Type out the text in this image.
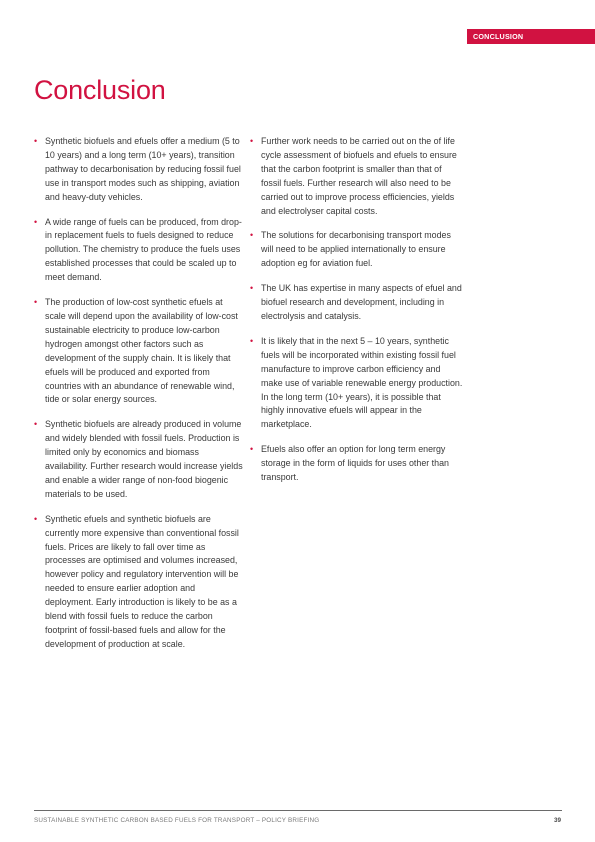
CONCLUSION
Conclusion
• Synthetic biofuels and efuels offer a medium (5 to 10 years) and a long term (10+ years), transition pathway to decarbonisation by reducing fossil fuel use in transport modes such as shipping, aviation and heavy-duty vehicles.
• A wide range of fuels can be produced, from drop-in replacement fuels to fuels designed to reduce pollution. The chemistry to produce the fuels uses established processes that could be scaled up to meet demand.
• The production of low-cost synthetic efuels at scale will depend upon the availability of low-cost sustainable electricity to produce low-carbon hydrogen amongst other factors such as development of the supply chain. It is likely that efuels will be produced and exported from countries with an abundance of renewable wind, tide or solar energy sources.
• Synthetic biofuels are already produced in volume and widely blended with fossil fuels. Production is limited only by economics and biomass availability. Further research would increase yields and enable a wider range of non-food biogenic materials to be used.
• Synthetic efuels and synthetic biofuels are currently more expensive than conventional fossil fuels. Prices are likely to fall over time as processes are optimised and volumes increased, however policy and regulatory intervention will be needed to ensure earlier adoption and deployment. Early introduction is likely to be as a blend with fossil fuels to reduce the carbon footprint of fossil-based fuels and allow for the development of production at scale.
• Further work needs to be carried out on the of life cycle assessment of biofuels and efuels to ensure that the carbon footprint is smaller than that of fossil fuels. Further research will also need to be carried out to improve process efficiencies, yields and electrolyser capital costs.
• The solutions for decarbonising transport modes will need to be applied internationally to ensure adoption eg for aviation fuel.
• The UK has expertise in many aspects of efuel and biofuel research and development, including in electrolysis and catalysis.
• It is likely that in the next 5 – 10 years, synthetic fuels will be incorporated within existing fossil fuel manufacture to improve carbon efficiency and make use of variable renewable energy production. In the long term (10+ years), it is possible that highly innovative efuels will appear in the marketplace.
• Efuels also offer an option for long term energy storage in the form of liquids for uses other than transport.
SUSTAINABLE SYNTHETIC CARBON BASED FUELS FOR TRANSPORT – POLICY BRIEFING	39
